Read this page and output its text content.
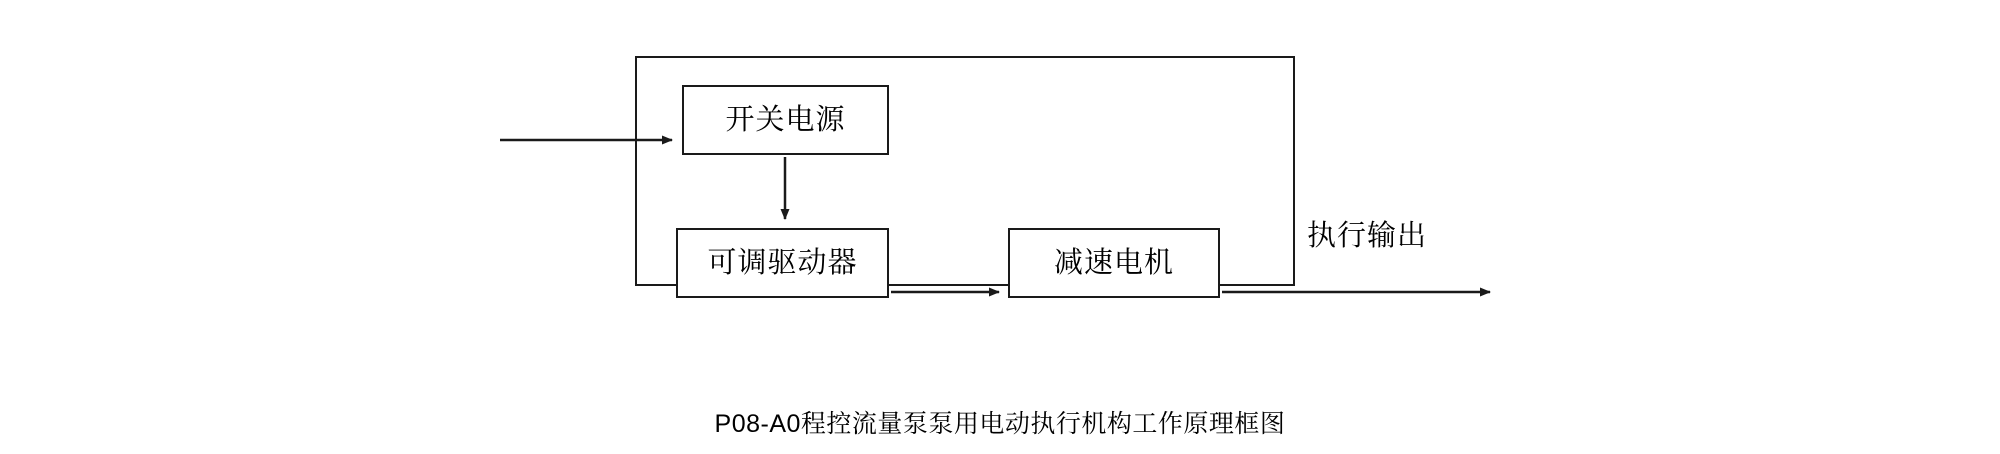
开关电源
可调驱动器	减速电机
执行输出
P08-A0程控流量泵泵用电动执行机构工作原理框图
